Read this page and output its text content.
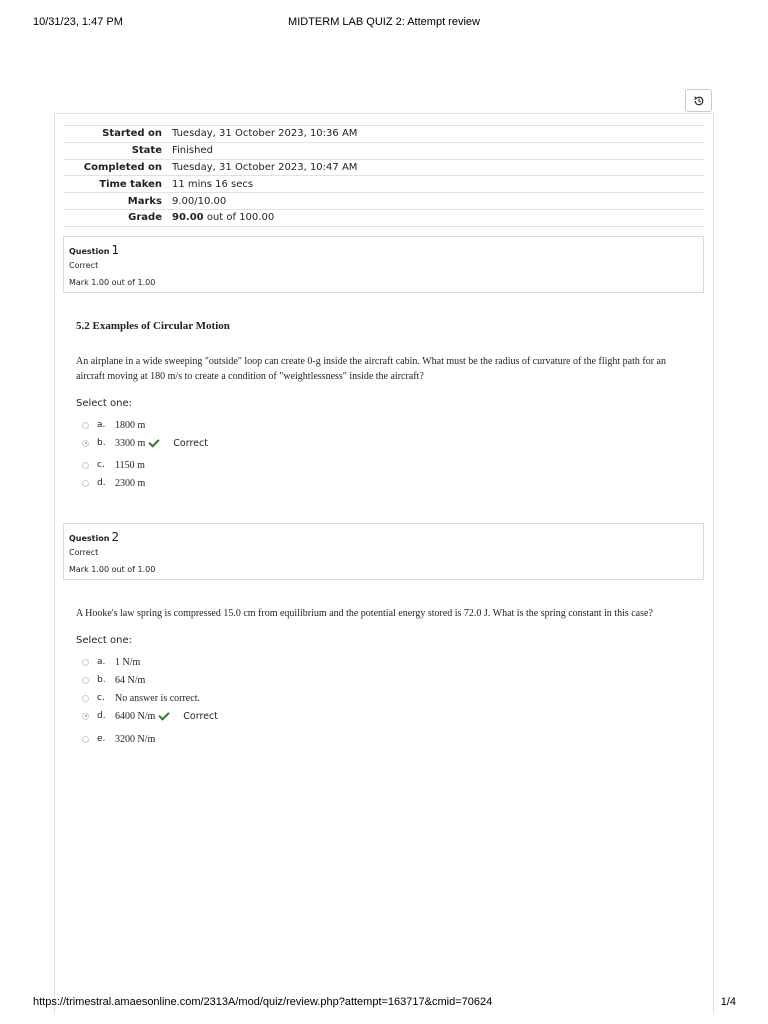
10/31/23, 1:47 PM	MIDTERM LAB QUIZ 2: Attempt review
Started on	Tuesday, 31 October 2023, 10:36 AM
State	Finished
Completed on	Tuesday, 31 October 2023, 10:47 AM
Time taken	11 mins 16 secs
Marks	9.00/10.00
Grade	90.00 out of 100.00
Question 1
Correct
Mark 1.00 out of 1.00
5.2 Examples of Circular Motion
An airplane in a wide sweeping "outside" loop can create 0-g inside the aircraft cabin. What must be the radius of curvature of the flight path for an aircraft moving at 180 m/s to create a condition of "weightlessness" inside the aircraft?
Select one:
a. 1800 m
b. 3300 m	Correct
c.	1150 m
d. 2300 m
Question 2
Correct
Mark 1.00 out of 1.00
A Hooke's law spring is compressed 15.0 cm from equilibrium and the potential energy stored is 72.0 J. What is the spring constant in this case?
Select one:
a. 1 N/m
b. 64 N/m
c.	No answer is correct.
d. 6400 N/m	Correct
e. 3200 N/m
https://trimestral.amaesonline.com/2313A/mod/quiz/review.php?attempt=163717&cmid=70624	1/4
